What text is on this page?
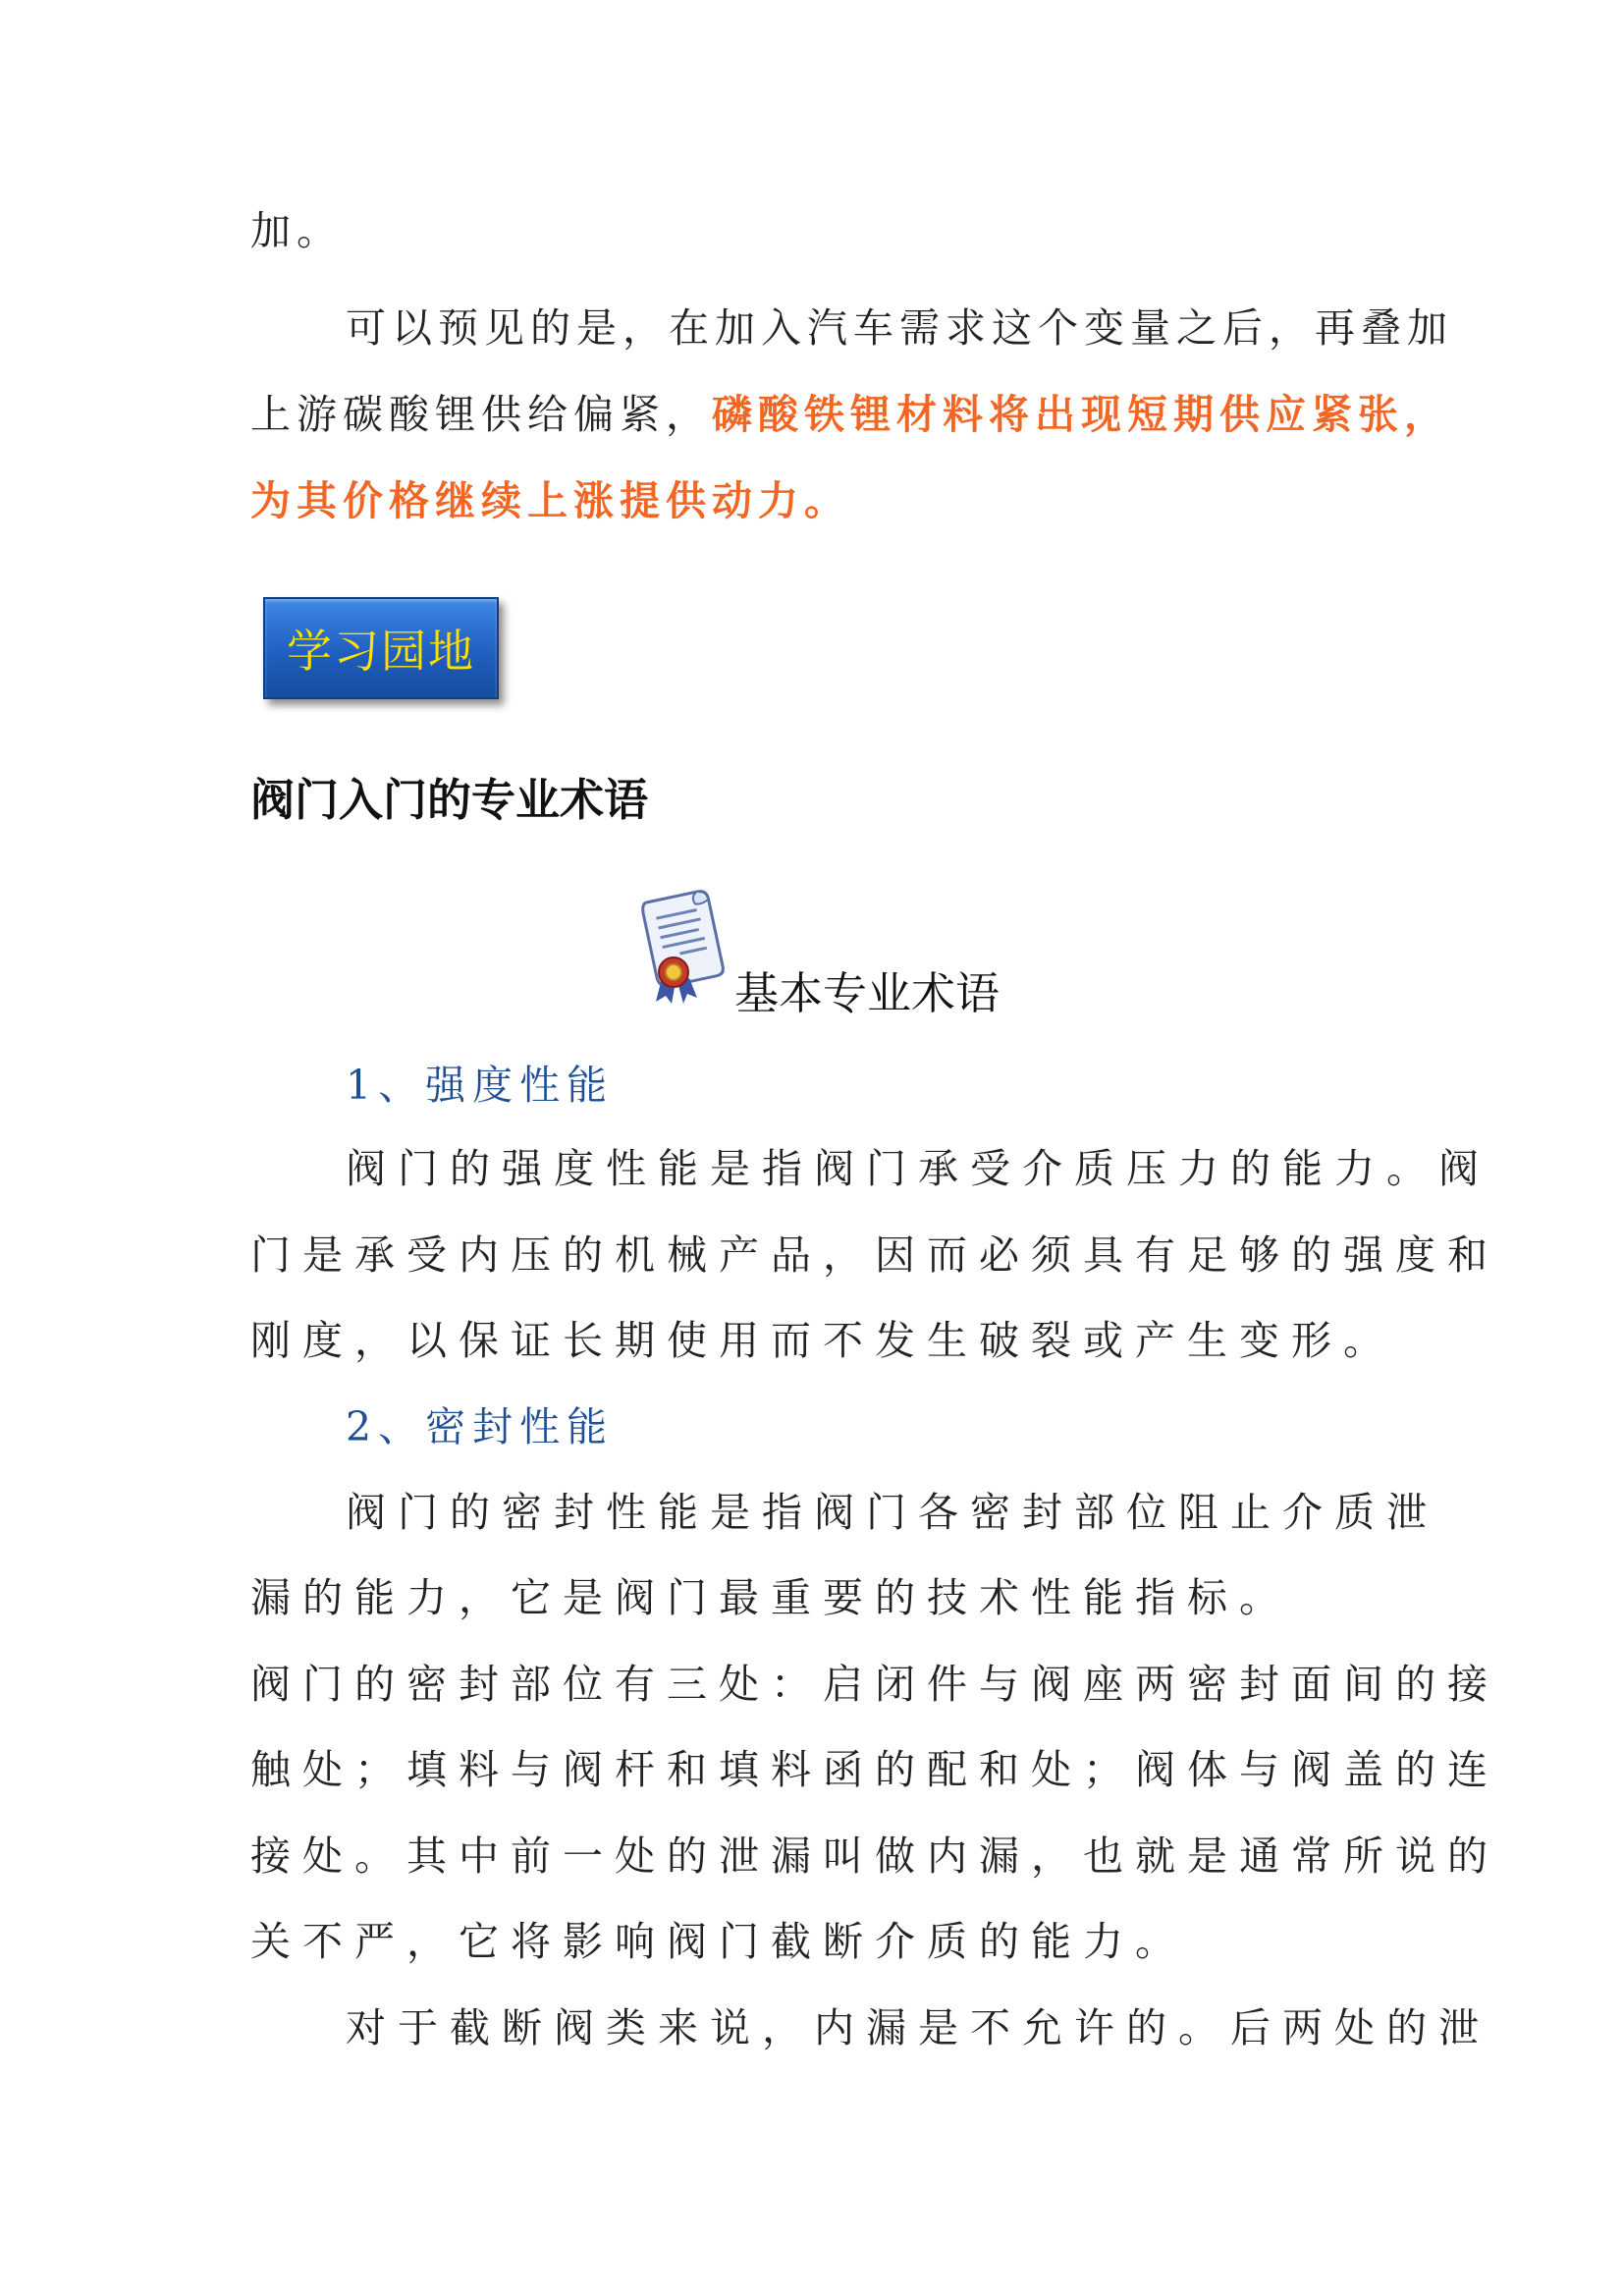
加。
可以预见的是，在加入汽车需求这个变量之后，再叠加
上游碳酸锂供给偏紧，磷酸铁锂材料将出现短期供应紧张，
为其价格继续上涨提供动力。
学习园地
阀门入门的专业术语
基本专业术语
1、强度性能
阀门的强度性能是指阀门承受介质压力的能力。阀
门是承受内压的机械产品，因而必须具有足够的强度和
刚度，以保证长期使用而不发生破裂或产生变形。
2、密封性能
阀门的密封性能是指阀门各密封部位阻止介质泄
漏的能力，它是阀门最重要的技术性能指标。
阀门的密封部位有三处：启闭件与阀座两密封面间的接
触处；填料与阀杆和填料函的配和处；阀体与阀盖的连
接处。其中前一处的泄漏叫做内漏，也就是通常所说的
关不严，它将影响阀门截断介质的能力。
对于截断阀类来说，内漏是不允许的。后两处的泄
